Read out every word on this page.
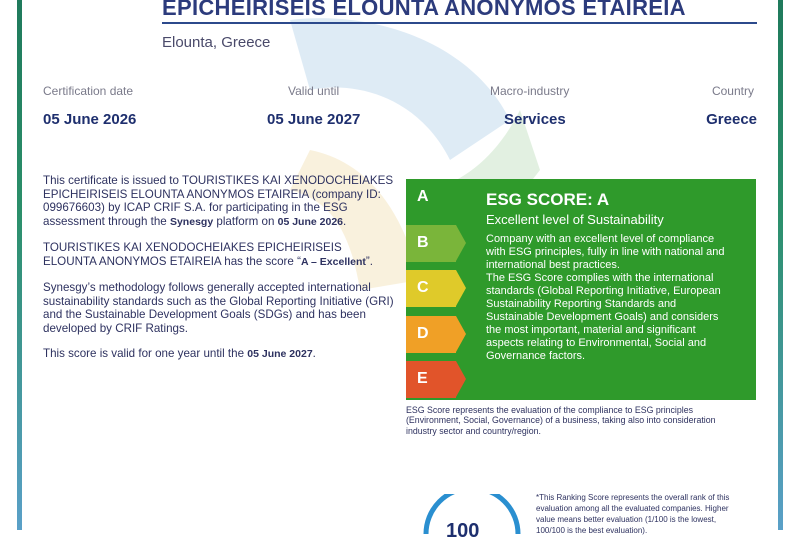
EPICHEIRISEIS ELOUNTA ANONYMOS ETAIREIA
Elounta, Greece
Certification date
05 June 2026
Valid until
05 June 2027
Macro-industry
Services
Country
Greece

This certificate is issued to TOURISTIKES KAI XENODOCHEIAKES EPICHEIRISEIS ELOUNTA ANONYMOS ETAIREIA (company ID: 099676603) by ICAP CRIF S.A. for participating in the ESG assessment through the Synesgy platform on 05 June 2026.

TOURISTIKES KAI XENODOCHEIAKES EPICHEIRISEIS ELOUNTA ANONYMOS ETAIREIA has the score “A – Excellent”.

Synesgy’s methodology follows generally accepted international sustainability standards such as the Global Reporting Initiative (GRI) and the Sustainable Development Goals (SDGs) and has been developed by CRIF Ratings.

This score is valid for one year until the 05 June 2027.

A
B
C
D
E
ESG SCORE: A
Excellent level of Sustainability
Company with an excellent level of compliance with ESG principles, fully in line with national and international best practices.
The ESG Score complies with the international standards (Global Reporting Initiative, European Sustainability Reporting Standards and Sustainable Development Goals) and considers the most important, material and significant aspects relating to Environmental, Social and Governance factors.
ESG Score represents the evaluation of the compliance to ESG principles (Environment, Social, Governance) of a business, taking also into consideration industry sector and country/region.
100
*This Ranking Score represents the overall rank of this evaluation among all the evaluated companies. Higher value means better evaluation (1/100 is the lowest, 100/100 is the best evaluation).
